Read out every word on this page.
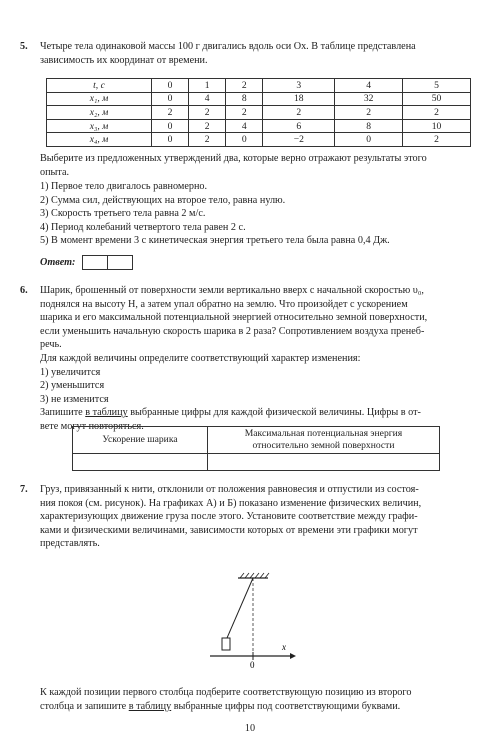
5. Четыре тела одинаковой массы 100 г двигались вдоль оси Ox. В таблице представлена

зависимость их координат от времени.

t, с	0	1	2	3	4	5
x₁, м	0	4	8	18	32	50
x₂, м	2	2	2	2	2	2
x₃, м	0	2	4	6	8	10
x₄, м	0	2	0	−2	0	2

Выберите из предложенных утверждений два, которые верно отражают результаты этого

опыта.

1) Первое тело двигалось равномерно.

2) Сумма сил, действующих на второе тело, равна нулю.

3) Скорость третьего тела равна 2 м/с.

4) Период колебаний четвертого тела равен 2 с.

5) В момент времени 3 с кинетическая энергия третьего тела была равна 0,4 Дж.

Ответ:
6. Шарик, брошенный от поверхности земли вертикально вверх с начальной скоростью υ₀,

поднялся на высоту H, а затем упал обратно на землю. Что произойдет с ускорением

шарика и его максимальной потенциальной энергией относительно земной поверхности,

если уменьшить начальную скорость шарика в 2 раза? Сопротивлением воздуха пренеб-

речь.

Для каждой величины определите соответствующий характер изменения:

1) увеличится

2) уменьшится

3) не изменится

Запишите в таблицу выбранные цифры для каждой физической величины. Цифры в от-

вете могут повторяться.

Ускорение шарика	Максимальная потенциальная энергия
относительно земной поверхности

7. Груз, привязанный к нити, отклонили от положения равновесия и отпустили из состоя-

ния покоя (см. рисунок). На графиках А) и Б) показано изменение физических величин,

характеризующих движение груза после этого. Установите соответствие между графи-

ками и физическими величинами, зависимости которых от времени эти графики могут

представлять.

0
x

К каждой позиции первого столбца подберите соответствующую позицию из второго

столбца и запишите в таблицу выбранные цифры под соответствующими буквами.

10
